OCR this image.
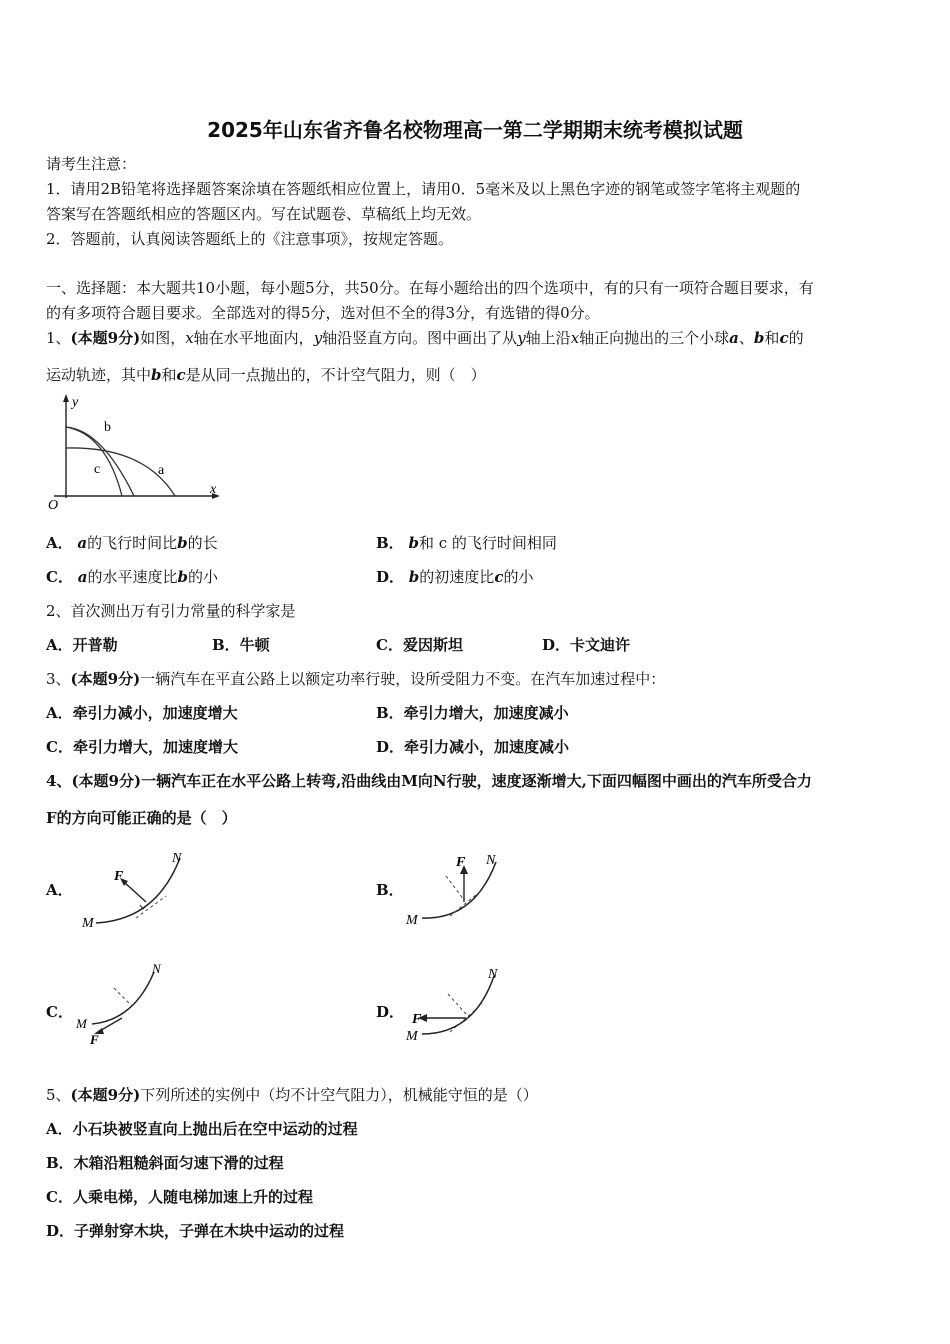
2025年山东省齐鲁名校物理高一第二学期期末统考模拟试题
请考生注意：
1．请用2B铅笔将选择题答案涂填在答题纸相应位置上，请用0．5毫米及以上黑色字迹的钢笔或签字笔将主观题的
答案写在答题纸相应的答题区内。写在试题卷、草稿纸上均无效。
2．答题前，认真阅读答题纸上的《注意事项》，按规定答题。
一、选择题：本大题共10小题，每小题5分，共50分。在每小题给出的四个选项中，有的只有一项符合题目要求，有
的有多项符合题目要求。全部选对的得5分，选对但不全的得3分，有选错的得0分。
1、(本题9分)如图，x轴在水平地面内，y轴沿竖直方向。图中画出了从y轴上沿x轴正向抛出的三个小球a、b和c的
运动轨迹，其中b和c是从同一点抛出的，不计空气阻力，则（　）
y
x
O
b
c	a
A． a的飞行时间比b的长	B． b和 c 的飞行时间相同
C． a的水平速度比b的小	D． b的初速度比c的小
2、首次测出万有引力常量的科学家是
A．开普勒	B．牛顿	C．爱因斯坦	D．卡文迪许
3、(本题9分)一辆汽车在平直公路上以额定功率行驶，设所受阻力不变。在汽车加速过程中：
A．牵引力减小，加速度增大	B．牵引力增大，加速度减小
C．牵引力增大，加速度增大	D．牵引力减小，加速度减小
4、(本题9分)一辆汽车正在水平公路上转弯,沿曲线由M向N行驶，速度逐渐增大,下面四幅图中画出的汽车所受合力
F的方向可能正确的是（　）
A．
F
N
M
B．
F N
M
C．
N
M
F
D．
N
F
M
5、(本题9分)下列所述的实例中（均不计空气阻力），机械能守恒的是（）
A．小石块被竖直向上抛出后在空中运动的过程
B．木箱沿粗糙斜面匀速下滑的过程
C．人乘电梯，人随电梯加速上升的过程
D．子弹射穿木块，子弹在木块中运动的过程
